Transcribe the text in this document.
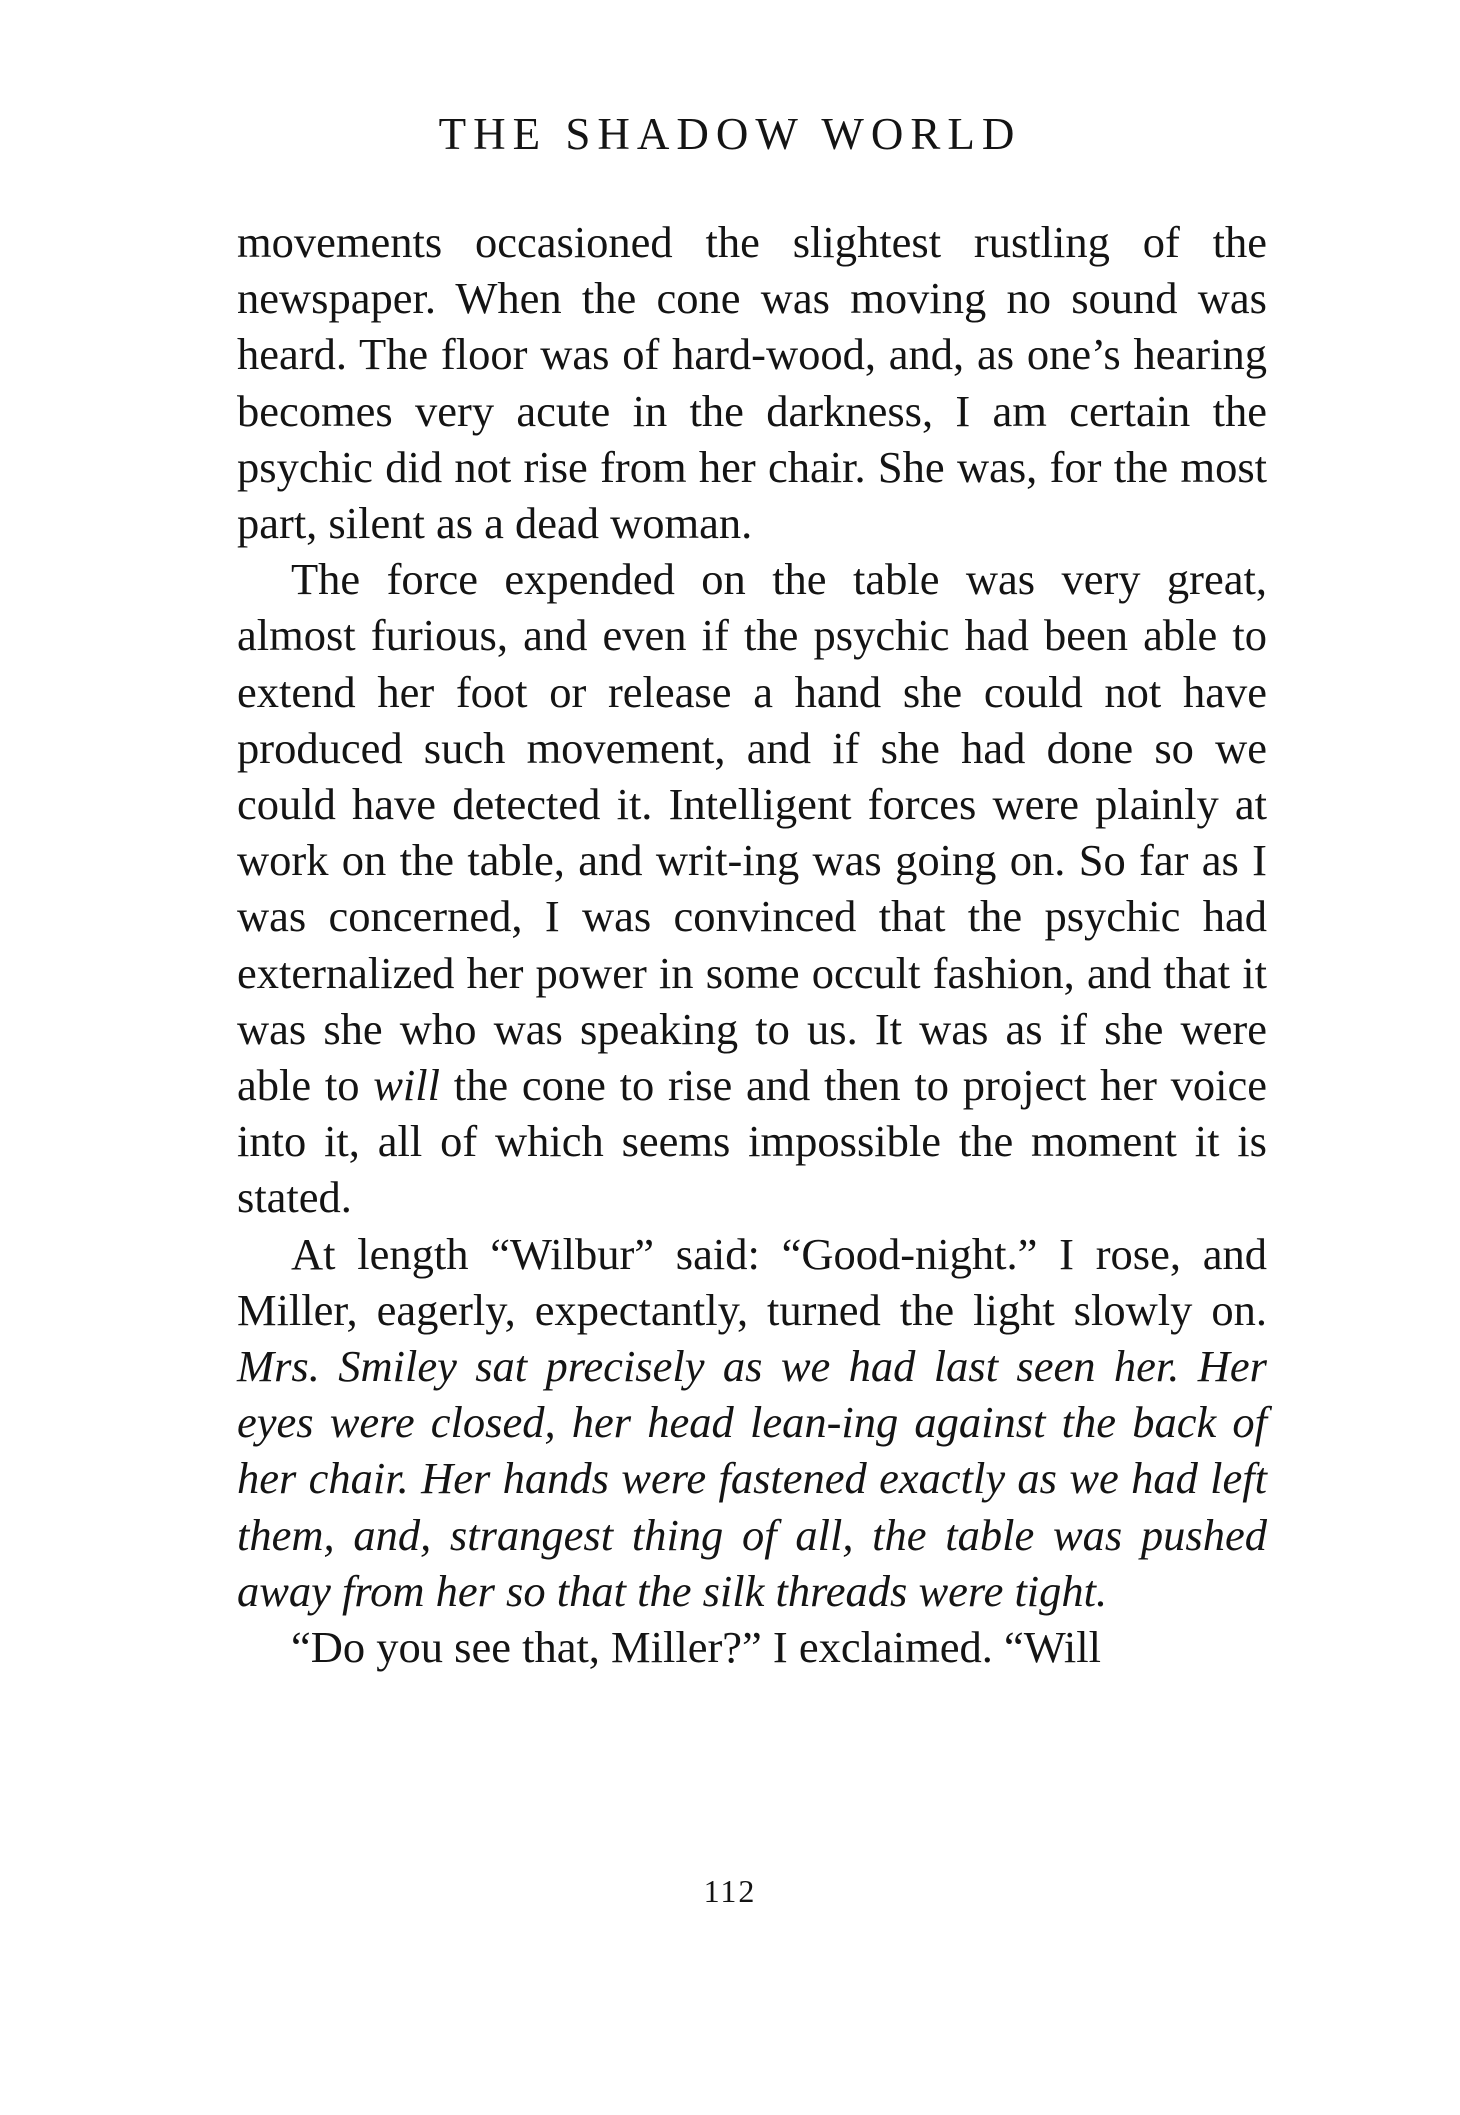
THE SHADOW WORLD

movements occasioned the slightest rustling of the newspaper. When the cone was moving no sound was heard. The floor was of hard-wood, and, as one’s hearing becomes very acute in the darkness, I am certain the psychic did not rise from her chair. She was, for the most part, silent as a dead woman.

The force expended on the table was very great, almost furious, and even if the psychic had been able to extend her foot or release a hand she could not have produced such movement, and if she had done so we could have detected it. Intelligent forces were plainly at work on the table, and writ-ing was going on. So far as I was concerned, I was convinced that the psychic had externalized her power in some occult fashion, and that it was she who was speaking to us. It was as if she were able to will the cone to rise and then to project her voice into it, all of which seems impossible the moment it is stated.

At length “Wilbur” said: “Good-night.” I rose, and Miller, eagerly, expectantly, turned the light slowly on. Mrs. Smiley sat precisely as we had last seen her. Her eyes were closed, her head lean-ing against the back of her chair. Her hands were fastened exactly as we had left them, and, strangest thing of all, the table was pushed away from her so that the silk threads were tight.

“Do you see that, Miller?” I exclaimed. “Will

112
